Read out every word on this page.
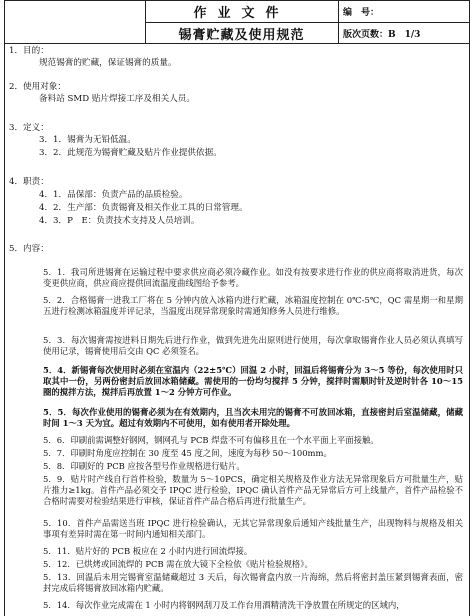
作业文件	编　号：
锡膏贮藏及使用规范	版次页数：B　1/3
1．目的：
规范锡膏的贮藏，保证锡膏的质量。
2．使用对象：
备料站 SMD 贴片焊接工序及相关人员。
3．定义：
3．1．锡膏为无铅低温。
3．2．此规范为锡膏贮藏及贴片作业提供依据。
4．职责：
4．1．品保部：负责产品的品质检验。
4．2．生产部：负责锡膏及相关作业工具的日常管理。
4．3．P　E：负责技术支持及人员培训。
5．内容：
5．1．我司所进锡膏在运输过程中要求供应商必须冷藏作业。如没有按要求进行作业的供应商将取消进货，每次变更供应商，供应商应提供回流温度曲线图给予参考。
5．2．合格锡膏一进我工厂将在 5 分钟内放入冰箱内进行贮藏，冰箱温度控制在 0℃-5℃，QC 需星期一和星期五进行检测冰箱温度并评记录，当温度出现异常现象时需通知修务人员进行维修。
5．3．每次锡膏需按进料日期先后进行作业，做到先进先出原则进行使用，每次拿取锡膏作业人员必须认真填写使用记录，锡膏使用后交由 QC 必须签名。
5．4．新锡膏每次使用时必须在室温内（22±5℃）回温 2 小时，回温后将锡膏分为 3～5 等份，每次使用时只取其中一份，另两份密封后放回冰箱储藏。需使用的一份均匀搅拌 5 分钟，搅拌时需顺时针及逆时针各 10～15 圈的搅拌方法，搅拌后再放置 1～2 分钟方可作业。
5．5．每次作业使用的锡膏必须为在有效期内，且当次未用完的锡膏不可放回冰箱，直接密封后室温储藏，储藏时间 1～3 天为宜。超过有效期内不可使用，如有使用者开除处理。
5．6．印刷前需调整好钢网，钢网孔与 PCB 焊盘不可有偏移且在一个水平面上平面接触。
5．7．印刷时角度应控制在 30 度至 45 度之间，速度为每秒 50～100mm。
5．8．印刷好的 PCB 应按各型号作业规格进行贴片。
5．9．贴片时产线自行首件检验，数量为 5～10PCS，确定相关规格及作业方法无异常现象后方可批量生产，贴片推力≥1kg。首件产品必须交予 IPQC 进行检验，IPQC 确认首件产品无异常后方可上线量产，首件产品检验不合格时需要对检验结果进行审核，保证首件产品合格后再进行批量生产。
5．10．首件产品需送当班 IPQC 进行检验确认，无其它异常现象后通知产线批量生产，出现物料与规格及相关事项有差异时需在第一时间内通知相关部门。
5．11．贴片好的 PCB 板应在 2 小时内进行回流焊接。
5．12．已烘烤或回流焊的 PCB 需在放大镜下全检依《贴片检验规格》。
5．13．回温后未用完锡膏室温储藏超过 3 天后，每次锡膏盒内放一片海绵，然后将密封盖压紧到锡膏表面，密封完成后将锡膏放回冰箱内贮藏。
5．14．每次作业完成需在 1 小时内将钢网刮刀及工作台用酒精清洗干净放置在所规定的区域内，
